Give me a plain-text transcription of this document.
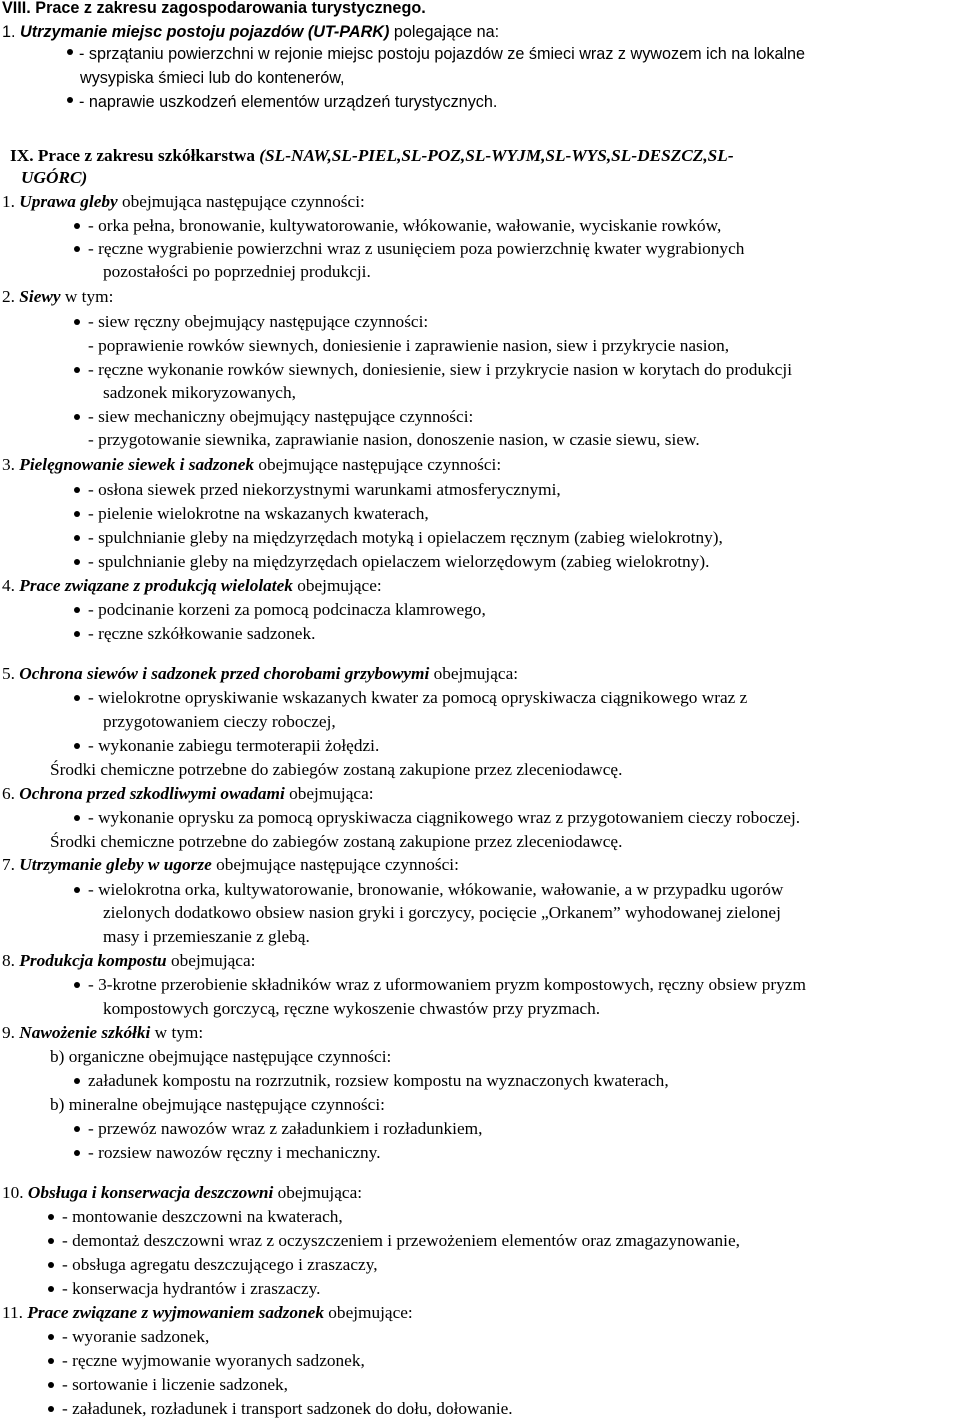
VIII. Prace z zakresu zagospodarowania turystycznego.
1. Utrzymanie miejsc postoju pojazdów (UT-PARK) polegające na:
- sprzątaniu powierzchni w rejonie miejsc postoju pojazdów ze śmieci wraz z wywozem ich na lokalne
wysypiska śmieci lub do kontenerów,
- naprawie uszkodzeń elementów urządzeń turystycznych.
IX. Prace z zakresu szkółkarstwa (SL-NAW,SL-PIEL,SL-POZ,SL-WYJM,SL-WYS,SL-DESZCZ,SL-
UGÓRC)
1. Uprawa gleby obejmująca następujące czynności:
- orka pełna, bronowanie, kultywatorowanie, włókowanie, wałowanie, wyciskanie rowków,
- ręczne wygrabienie powierzchni wraz z usunięciem poza powierzchnię kwater wygrabionych
pozostałości po poprzedniej produkcji.
2. Siewy w tym:
- siew ręczny obejmujący następujące czynności:
- poprawienie rowków siewnych, doniesienie i zaprawienie nasion, siew i przykrycie nasion,
- ręczne wykonanie rowków siewnych, doniesienie, siew i przykrycie nasion w korytach do produkcji
sadzonek mikoryzowanych,
- siew mechaniczny obejmujący następujące czynności:
- przygotowanie siewnika, zaprawianie nasion, donoszenie nasion, w czasie siewu, siew.
3. Pielęgnowanie siewek i sadzonek obejmujące następujące czynności:
- osłona siewek przed niekorzystnymi warunkami atmosferycznymi,
- pielenie wielokrotne na wskazanych kwaterach,
- spulchnianie gleby na międzyrzędach motyką i opielaczem ręcznym (zabieg wielokrotny),
- spulchnianie gleby na międzyrzędach opielaczem wielorzędowym (zabieg wielokrotny).
4. Prace związane z produkcją wielolatek obejmujące:
- podcinanie korzeni za pomocą podcinacza klamrowego,
- ręczne szkółkowanie sadzonek.
5. Ochrona siewów i sadzonek przed chorobami grzybowymi obejmująca:
- wielokrotne opryskiwanie wskazanych kwater za pomocą opryskiwacza ciągnikowego wraz z
przygotowaniem cieczy roboczej,
- wykonanie zabiegu termoterapii żołędzi.
Środki chemiczne potrzebne do zabiegów zostaną zakupione przez zleceniodawcę.
6. Ochrona przed szkodliwymi owadami obejmująca:
- wykonanie oprysku za pomocą opryskiwacza ciągnikowego wraz z przygotowaniem cieczy roboczej.
Środki chemiczne potrzebne do zabiegów zostaną zakupione przez zleceniodawcę.
7. Utrzymanie gleby w ugorze obejmujące następujące czynności:
- wielokrotna orka, kultywatorowanie, bronowanie, włókowanie, wałowanie, a w przypadku ugorów
zielonych dodatkowo obsiew nasion gryki i gorczycy, pocięcie „Orkanem” wyhodowanej zielonej
masy i przemieszanie z glebą.
8. Produkcja kompostu obejmująca:
- 3-krotne przerobienie składników wraz z uformowaniem pryzm kompostowych, ręczny obsiew pryzm
kompostowych gorczycą, ręczne wykoszenie chwastów przy pryzmach.
9. Nawożenie szkółki w tym:
b) organiczne obejmujące następujące czynności:
załadunek kompostu na rozrzutnik, rozsiew kompostu na wyznaczonych kwaterach,
b) mineralne obejmujące następujące czynności:
- przewóz nawozów wraz z załadunkiem i rozładunkiem,
- rozsiew nawozów ręczny i mechaniczny.
10. Obsługa i konserwacja deszczowni obejmująca:
- montowanie deszczowni na kwaterach,
- demontaż deszczowni wraz z oczyszczeniem i przewożeniem elementów oraz zmagazynowanie,
- obsługa agregatu deszczującego i zraszaczy,
- konserwacja hydrantów i zraszaczy.
11. Prace związane z wyjmowaniem sadzonek obejmujące:
- wyoranie sadzonek,
- ręczne wyjmowanie wyoranych sadzonek,
- sortowanie i liczenie sadzonek,
- załadunek, rozładunek i transport sadzonek do dołu, dołowanie.
